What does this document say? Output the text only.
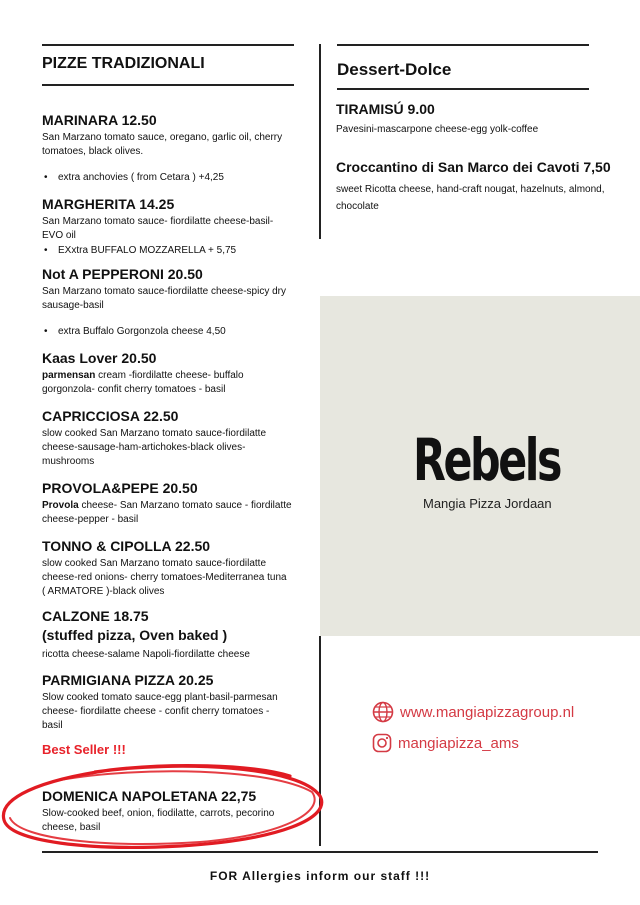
PIZZE TRADIZIONALI	Dessert-Dolce

TIRAMISÚ 9.00

Pavesini-mascarpone cheese-egg yolk-coffee

Croccantino di San Marco dei Cavoti 7,50

sweet Ricotta cheese, hand-craft nougat, hazelnuts, almond, chocolate

MARINARA 12.50

San Marzano tomato sauce, oregano, garlic oil, cherry tomatoes, black olives.

• extra anchovies ( from Cetara ) +4,25

MARGHERITA 14.25

San Marzano tomato sauce- fiordilatte cheese-basil-EVO oil

• EXxtra BUFFALO MOZZARELLA + 5,75

Not A PEPPERONI 20.50

San Marzano tomato sauce-fiordilatte cheese-spicy dry sausage-basil

• extra Buffalo Gorgonzola cheese 4,50

Kaas Lover 20.50

parmensan cream -fiordilatte cheese- buffalo gorgonzola- confit cherry tomatoes - basil

CAPRICCIOSA 22.50

slow cooked San Marzano tomato sauce-fiordilatte cheese-sausage-ham-artichokes-black olives-mushrooms

PROVOLA&PEPE 20.50

Provola cheese- San Marzano tomato sauce - fiordilatte cheese-pepper - basil

TONNO & CIPOLLA 22.50

slow cooked San Marzano tomato sauce-fiordilatte cheese-red onions- cherry tomatoes-Mediterranea tuna ( ARMATORE )-black olives

CALZONE 18.75

(stuffed pizza, Oven baked )

ricotta cheese-salame Napoli-fiordilatte cheese

PARMIGIANA PIZZA 20.25

Slow cooked tomato sauce-egg plant-basil-parmesan cheese- fiordilatte cheese - confit cherry tomatoes - basil

Best Seller !!!

DOMENICA NAPOLETANA 22,75

Slow-cooked beef, onion, fiodilatte, carrots, pecorino cheese, basil

Rebels
Mangia Pizza Jordaan
www.mangiapizzagroup.nl
mangiapizza_ams
FOR Allergies inform our staff !!!
